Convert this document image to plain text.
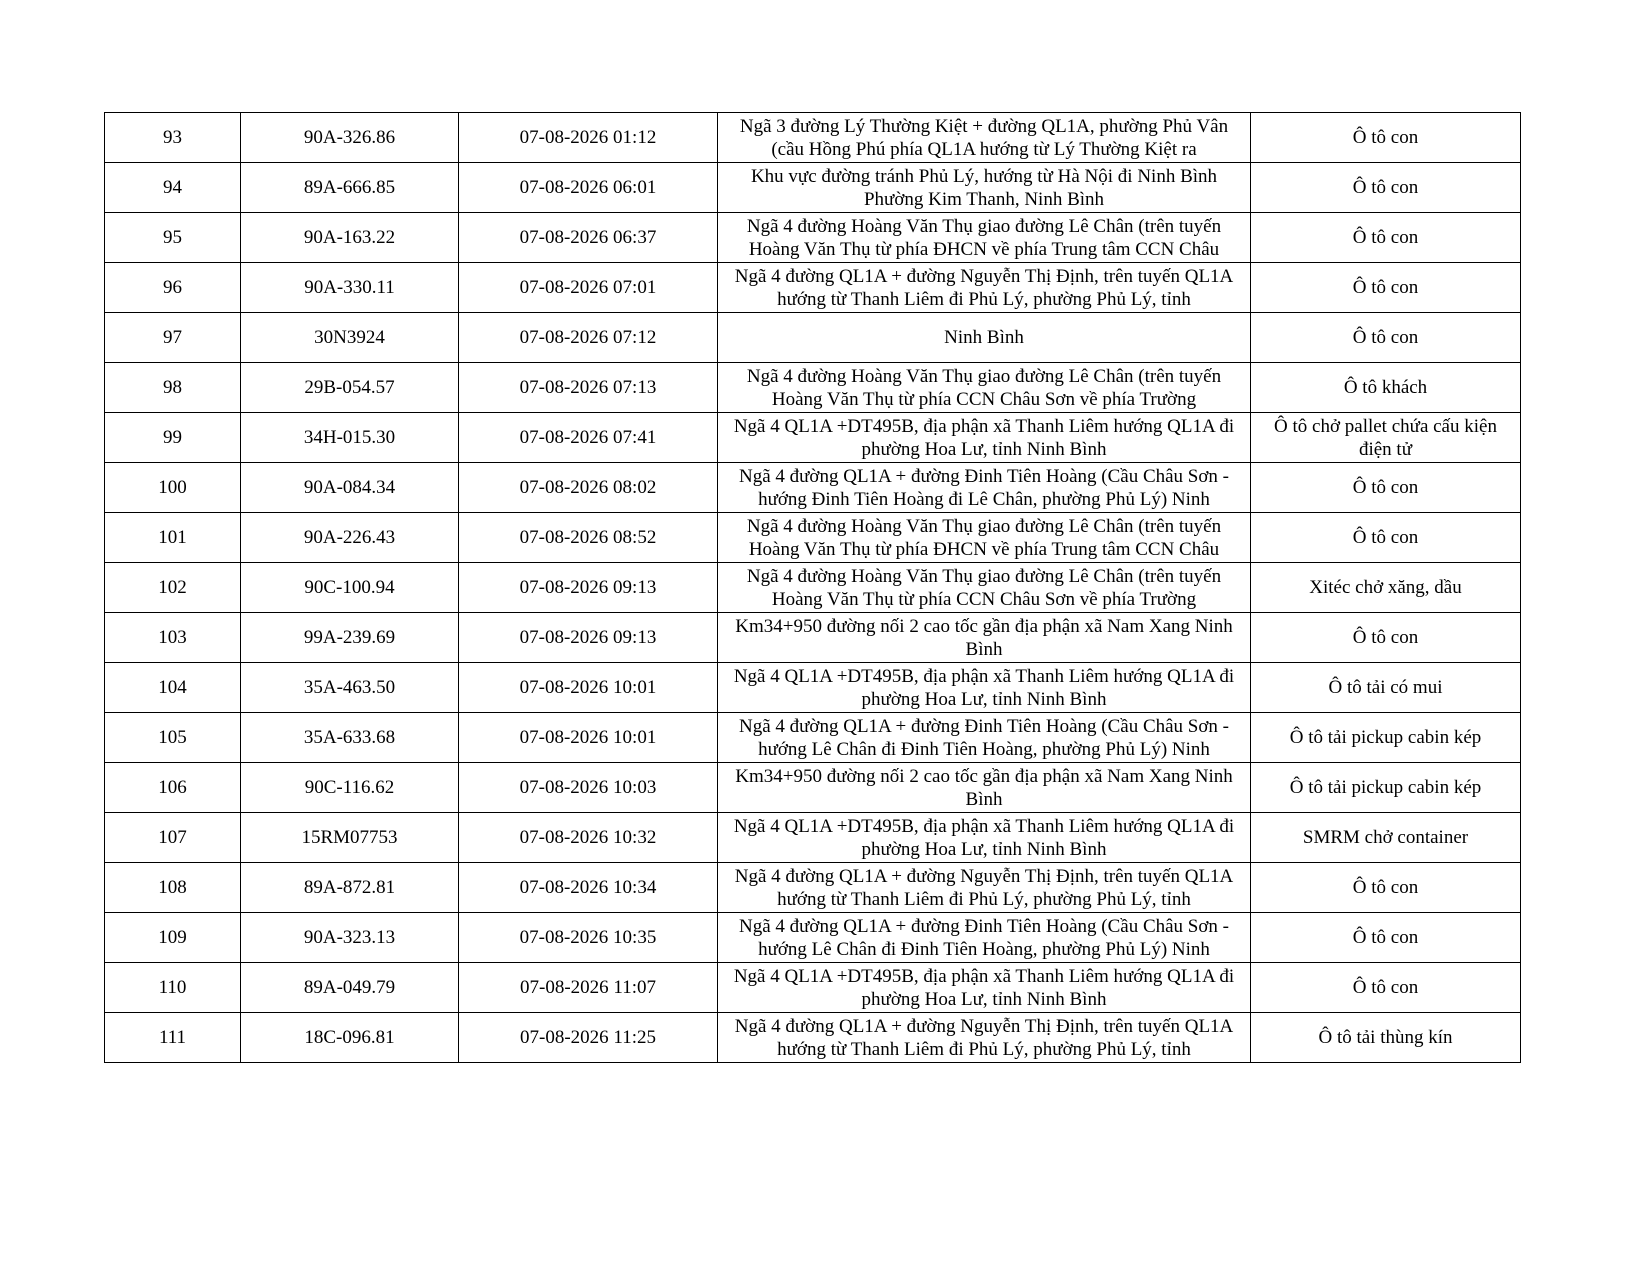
93	90A-326.86	07-08-2026 01:12	Ngã 3 đường Lý Thường Kiệt + đường QL1A, phường Phủ Vân (cầu Hồng Phú phía QL1A hướng từ Lý Thường Kiệt ra	Ô tô con
94	89A-666.85	07-08-2026 06:01	Khu vực đường tránh Phủ Lý, hướng từ Hà Nội đi Ninh Bình Phường Kim Thanh, Ninh Bình	Ô tô con
95	90A-163.22	07-08-2026 06:37	Ngã 4 đường Hoàng Văn Thụ giao đường Lê Chân (trên tuyến Hoàng Văn Thụ từ phía ĐHCN về phía Trung tâm CCN Châu	Ô tô con
96	90A-330.11	07-08-2026 07:01	Ngã 4 đường QL1A + đường Nguyễn Thị Định, trên tuyến QL1A hướng từ Thanh Liêm đi Phủ Lý, phường Phủ Lý, tỉnh	Ô tô con
97	30N3924	07-08-2026 07:12	Ninh Bình	Ô tô con
98	29B-054.57	07-08-2026 07:13	Ngã 4 đường Hoàng Văn Thụ giao đường Lê Chân (trên tuyến Hoàng Văn Thụ từ phía CCN Châu Sơn về phía Trường	Ô tô khách
99	34H-015.30	07-08-2026 07:41	Ngã 4 QL1A +DT495B, địa phận xã Thanh Liêm hướng QL1A đi phường Hoa Lư, tỉnh Ninh Bình	Ô tô chở pallet chứa cấu kiện điện tử
100	90A-084.34	07-08-2026 08:02	Ngã 4 đường QL1A + đường Đinh Tiên Hoàng (Cầu Châu Sơn - hướng Đinh Tiên Hoàng đi Lê Chân, phường Phủ Lý) Ninh	Ô tô con
101	90A-226.43	07-08-2026 08:52	Ngã 4 đường Hoàng Văn Thụ giao đường Lê Chân (trên tuyến Hoàng Văn Thụ từ phía ĐHCN về phía Trung tâm CCN Châu	Ô tô con
102	90C-100.94	07-08-2026 09:13	Ngã 4 đường Hoàng Văn Thụ giao đường Lê Chân (trên tuyến Hoàng Văn Thụ từ phía CCN Châu Sơn về phía Trường	Xitéc chở xăng, dầu
103	99A-239.69	07-08-2026 09:13	Km34+950 đường nối 2 cao tốc gần địa phận xã Nam Xang Ninh Bình	Ô tô con
104	35A-463.50	07-08-2026 10:01	Ngã 4 QL1A +DT495B, địa phận xã Thanh Liêm hướng QL1A đi phường Hoa Lư, tỉnh Ninh Bình	Ô tô tải có mui
105	35A-633.68	07-08-2026 10:01	Ngã 4 đường QL1A + đường Đinh Tiên Hoàng (Cầu Châu Sơn - hướng Lê Chân đi Đinh Tiên Hoàng, phường Phủ Lý) Ninh	Ô tô tải pickup cabin kép
106	90C-116.62	07-08-2026 10:03	Km34+950 đường nối 2 cao tốc gần địa phận xã Nam Xang Ninh Bình	Ô tô tải pickup cabin kép
107	15RM07753	07-08-2026 10:32	Ngã 4 QL1A +DT495B, địa phận xã Thanh Liêm hướng QL1A đi phường Hoa Lư, tỉnh Ninh Bình	SMRM chở container
108	89A-872.81	07-08-2026 10:34	Ngã 4 đường QL1A + đường Nguyễn Thị Định, trên tuyến QL1A hướng từ Thanh Liêm đi Phủ Lý, phường Phủ Lý, tỉnh	Ô tô con
109	90A-323.13	07-08-2026 10:35	Ngã 4 đường QL1A + đường Đinh Tiên Hoàng (Cầu Châu Sơn - hướng Lê Chân đi Đinh Tiên Hoàng, phường Phủ Lý) Ninh	Ô tô con
110	89A-049.79	07-08-2026 11:07	Ngã 4 QL1A +DT495B, địa phận xã Thanh Liêm hướng QL1A đi phường Hoa Lư, tỉnh Ninh Bình	Ô tô con
111	18C-096.81	07-08-2026 11:25	Ngã 4 đường QL1A + đường Nguyễn Thị Định, trên tuyến QL1A hướng từ Thanh Liêm đi Phủ Lý, phường Phủ Lý, tỉnh	Ô tô tải thùng kín
